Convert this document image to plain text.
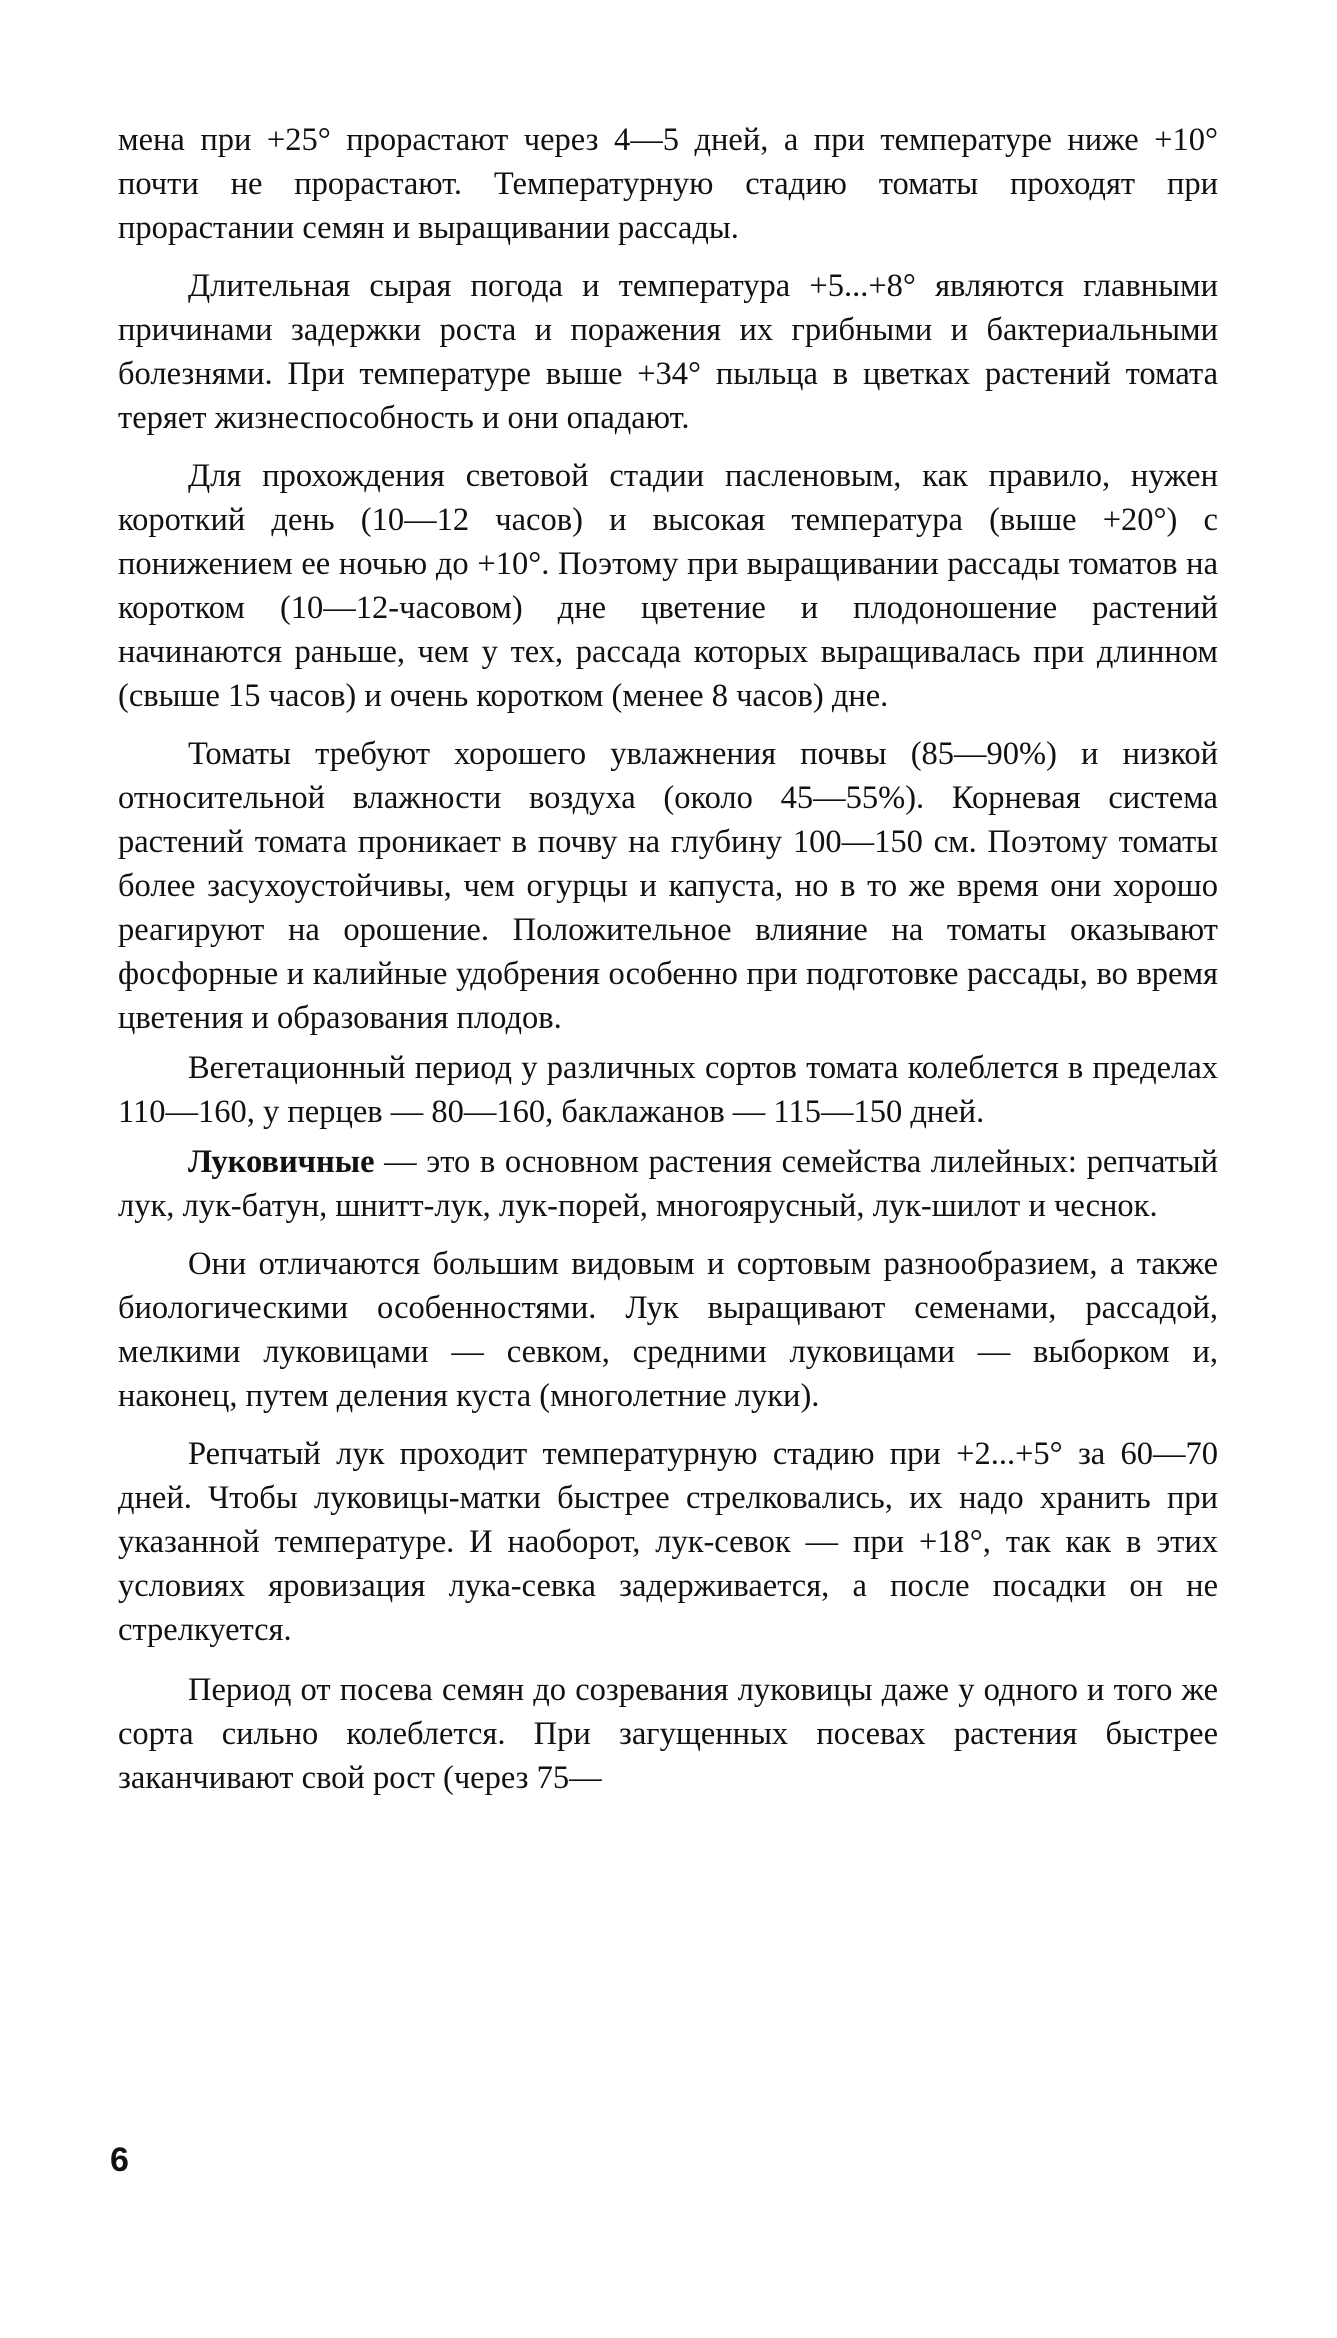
мена при +25° прорастают через 4—5 дней, а при температуре ниже +10° почти не прорастают. Температурную стадию томаты проходят при прорастании семян и выращивании рассады.

Длительная сырая погода и температура +5...+8° являются главными причинами задержки роста и поражения их грибными и бактериальными болезнями. При температуре выше +34° пыльца в цветках растений томата теряет жизнеспособность и они опадают.

Для прохождения световой стадии пасленовым, как правило, нужен короткий день (10—12 часов) и высокая температура (выше +20°) с понижением ее ночью до +10°. Поэтому при выращивании рассады томатов на коротком (10—12-часовом) дне цветение и плодоношение растений начинаются раньше, чем у тех, рассада которых выращивалась при длинном (свыше 15 часов) и очень коротком (менее 8 часов) дне.

Томаты требуют хорошего увлажнения почвы (85—90%) и низкой относительной влажности воздуха (около 45—55%). Корневая система растений томата проникает в почву на глубину 100—150 см. Поэтому томаты более засухоустойчивы, чем огурцы и капуста, но в то же время они хорошо реагируют на орошение. Положительное влияние на томаты оказывают фосфорные и калийные удобрения особенно при подготовке рассады, во время цветения и образования плодов.

Вегетационный период у различных сортов томата колеблется в пределах 110—160, у перцев — 80—160, баклажанов — 115—150 дней.

Луковичные — это в основном растения семейства лилейных: репчатый лук, лук-батун, шнитт-лук, лук-порей, многоярусный, лук-шилот и чеснок.

Они отличаются большим видовым и сортовым разнообразием, а также биологическими особенностями. Лук выращивают семенами, рассадой, мелкими луковицами — севком, средними луковицами — выборком и, наконец, путем деления куста (многолетние луки).

Репчатый лук проходит температурную стадию при +2...+5° за 60—70 дней. Чтобы луковицы-матки быстрее стрелковались, их надо хранить при указанной температуре. И наоборот, лук-севок — при +18°, так как в этих условиях яровизация лука-севка задерживается, а после посадки он не стрелкуется.

Период от посева семян до созревания луковицы даже у одного и того же сорта сильно колеблется. При загущенных посевах растения быстрее заканчивают свой рост (через 75—

6
